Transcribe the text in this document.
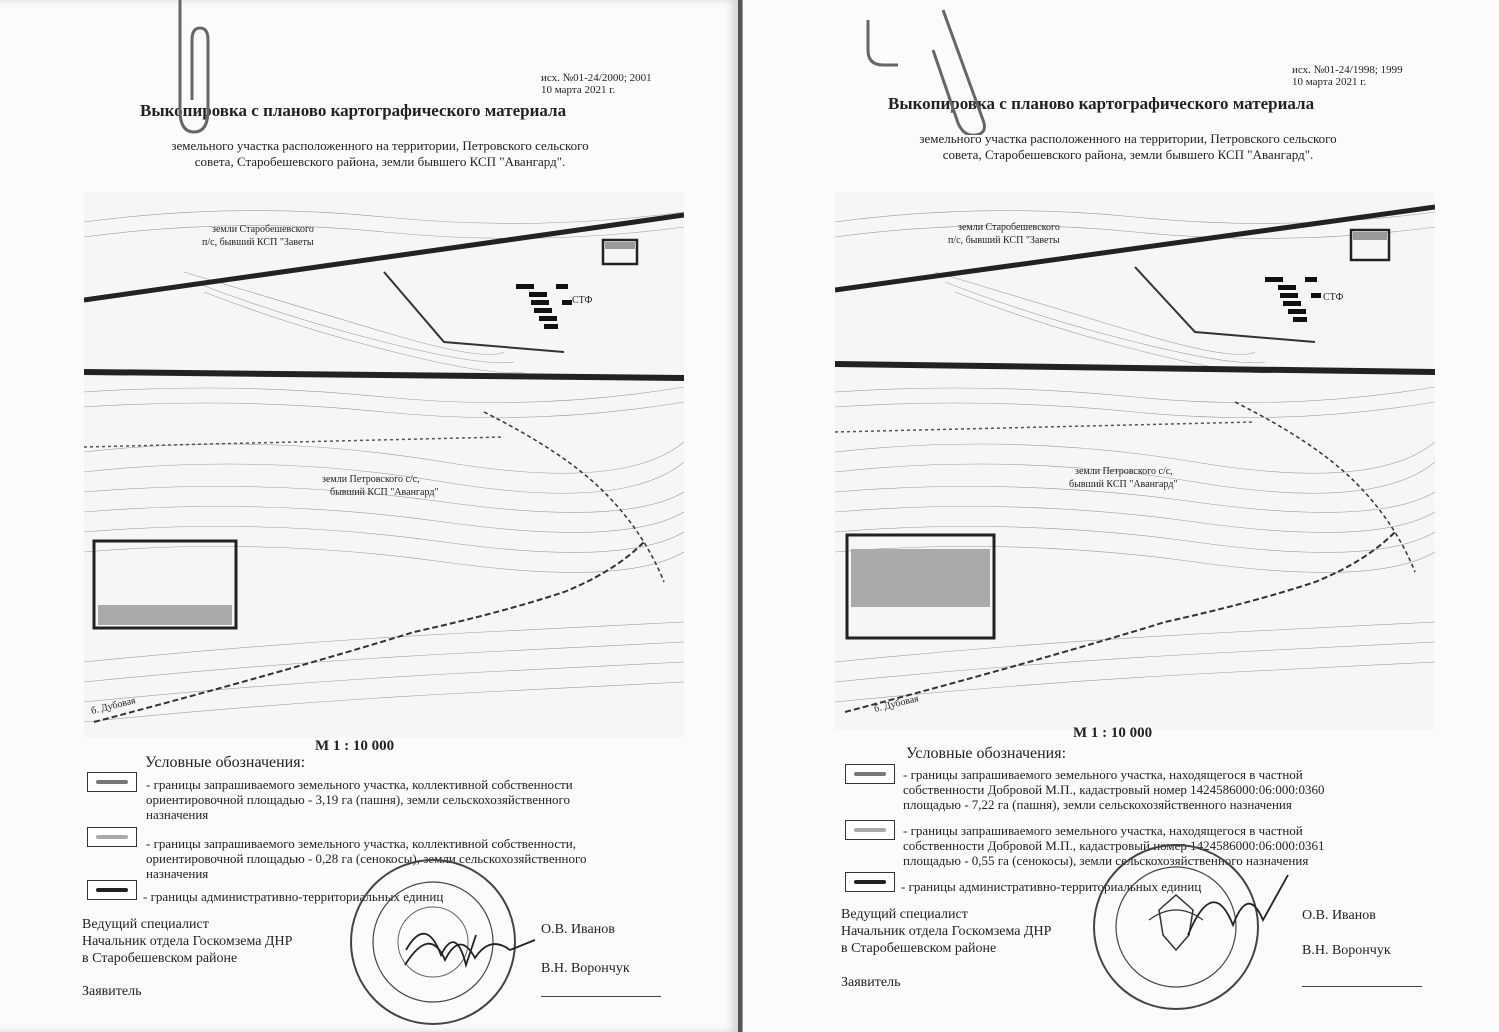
исх. №01-24/2000; 2001
10 марта 2021 г.
Выкопировка с планово картографического материала
земельного участка расположенного на территории, Петровского сельского
совета, Старобешевского района, земли бывшего КСП "Авангард".
земли Старобешевского
п/с, бывший КСП "Заветы
СТФ
земли Петровского с/с,
бывший КСП "Авангард"
б. Дубовая
М 1 : 10 000
Условные обозначения:
- границы запрашиваемого земельного участка, коллективной собственности
ориентировочной площадью - 3,19 га (пашня), земли сельскохозяйственного
назначения
- границы запрашиваемого земельного участка, коллективной собственности,
ориентировочной площадью - 0,28 га (сенокосы), земли сельскохозяйственного
назначения
- границы административно-территориальных единиц
Ведущий специалист
Начальник отдела Госкомзема ДНР
в Старобешевском районе
О.В. Иванов
В.Н. Ворончук
Заявитель
исх. №01-24/1998; 1999
10 марта 2021 г.
Выкопировка с планово картографического материала
земельного участка расположенного на территории, Петровского сельского
совета, Старобешевского района, земли бывшего КСП "Авангард".
земли Старобешевского
п/с, бывший КСП "Заветы
СТФ
земли Петровского с/с,
бывший КСП "Авангард"
б. Дубовая
М 1 : 10 000
Условные обозначения:
- границы запрашиваемого земельного участка, находящегося в частной
собственности Добровой М.П., кадастровый номер 1424586000:06:000:0360
площадью - 7,22 га (пашня), земли сельскохозяйственного назначения
- границы запрашиваемого земельного участка, находящегося в частной
собственности Добровой М.П., кадастровый номер 1424586000:06:000:0361
площадью - 0,55 га (сенокосы), земли сельскохозяйственного назначения
- границы административно-территориальных единиц
Ведущий специалист
Начальник отдела Госкомзема ДНР
в Старобешевском районе
О.В. Иванов
В.Н. Ворончук
Заявитель
